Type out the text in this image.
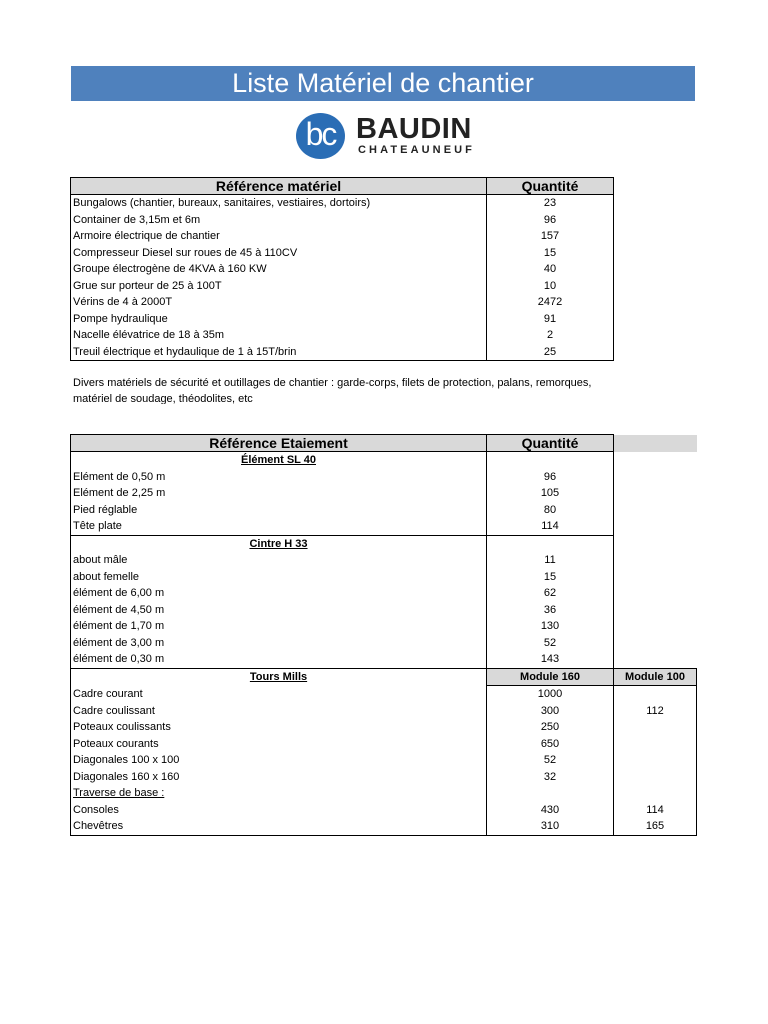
Liste Matériel de chantier
bc BAUDIN
CHATEAUNEUF
Référence matériel	Quantité
Bungalows (chantier, bureaux, sanitaires, vestiaires, dortoirs)	23
Container de 3,15m et 6m	96
Armoire électrique de chantier	157
Compresseur Diesel sur roues de 45 à 110CV	15
Groupe électrogène de 4KVA à 160 KW	40
Grue sur porteur de 25 à 100T	10
Vérins de 4 à 2000T	2472
Pompe hydraulique	91
Nacelle élévatrice de 18 à 35m	2
Treuil électrique et hydaulique de 1 à 15T/brin	25
Divers matériels de sécurité et outillages de chantier : garde-corps, filets de protection, palans, remorques, matériel de soudage, théodolites, etc
Référence Etaiement	Quantité	
Élément SL 40		
Elément de 0,50 m	96	
Elément de 2,25 m	105	
Pied réglable	80	
Tête plate	114	
Cintre H 33		
about mâle	11	
about femelle	15	
élément de 6,00 m	62	
élément de 4,50 m	36	
élément de 1,70 m	130	
élément de 3,00 m	52	
élément de 0,30 m	143	
Tours Mills	Module 160	Module 100
Cadre courant	1000	
Cadre coulissant	300	112
Poteaux coulissants	250	
Poteaux courants	650	
Diagonales 100 x 100	52	
Diagonales 160 x 160	32	
Traverse de base :		
Consoles	430	114
Chevêtres	310	165
